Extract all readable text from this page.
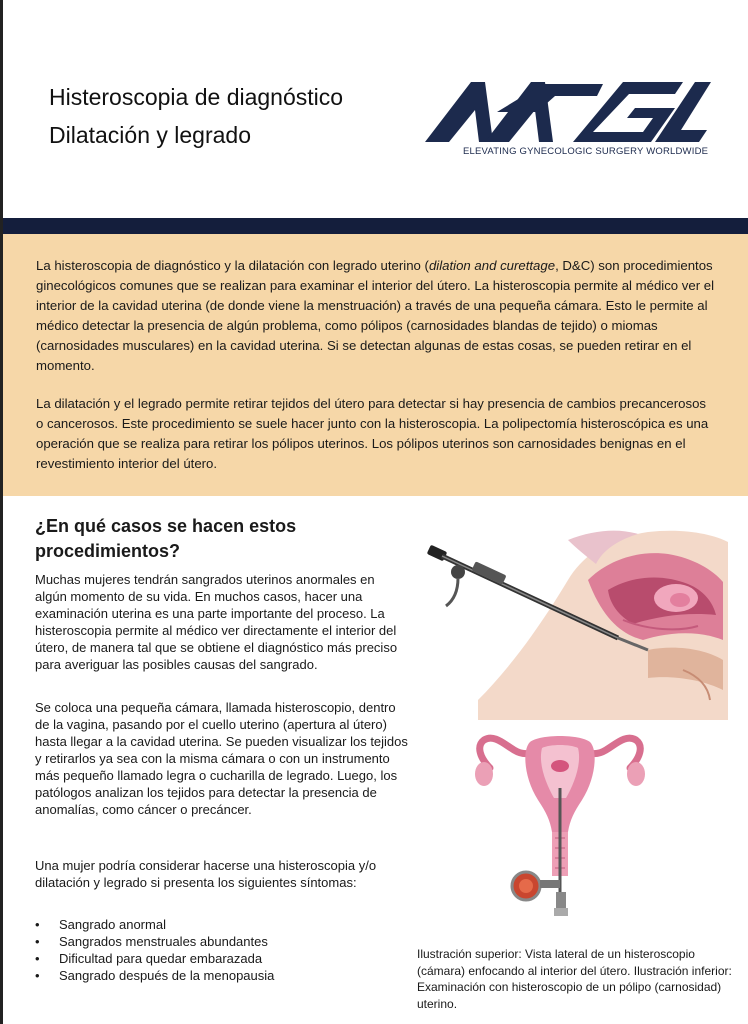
Histeroscopia de diagnóstico
Dilatación y legrado
ELEVATING GYNECOLOGIC SURGERY WORLDWIDE

La histeroscopia de diagnóstico y la dilatación con legrado uterino (dilation and curettage, D&C) son procedimientos ginecológicos comunes que se realizan para examinar el interior del útero. La histeroscopia permite al médico ver el interior de la cavidad uterina (de donde viene la menstruación) a través de una pequeña cámara. Esto le permite al médico detectar la presencia de algún problema, como pólipos (carnosidades blandas de tejido) o miomas (carnosidades musculares) en la cavidad uterina. Si se detectan algunas de estas cosas, se pueden retirar en el momento.

La dilatación y el legrado permite retirar tejidos del útero para detectar si hay presencia de cambios precancerosos o cancerosos. Este procedimiento se suele hacer junto con la histeroscopia. La polipectomía histeroscópica es una operación que se realiza para retirar los pólipos uterinos. Los pólipos uterinos son carnosidades benignas en el revestimiento interior del útero.

¿En qué casos se hacen estos procedimientos?

Muchas mujeres tendrán sangrados uterinos anormales en algún momento de su vida. En muchos casos, hacer una examinación uterina es una parte importante del proceso. La histeroscopia permite al médico ver directamente el interior del útero, de manera tal que se obtiene el diagnóstico más preciso para averiguar las posibles causas del sangrado.

Se coloca una pequeña cámara, llamada histeroscopio, dentro de la vagina, pasando por el cuello uterino (apertura al útero) hasta llegar a la cavidad uterina. Se pueden visualizar los tejidos y retirarlos ya sea con la misma cámara o con un instrumento más pequeño llamado legra o cucharilla de legrado. Luego, los patólogos analizan los tejidos para detectar la presencia de anomalías, como cáncer o precáncer.

Una mujer podría considerar hacerse una histeroscopia y/o dilatación y legrado si presenta los siguientes síntomas:

• Sangrado anormal
• Sangrados menstruales abundantes
• Dificultad para quedar embarazada
• Sangrado después de la menopausia

Ilustración superior: Vista lateral de un histeroscopio (cámara) enfocando al interior del útero. Ilustración inferior: Examinación con histeroscopio de un pólipo (carnosidad) uterino.
